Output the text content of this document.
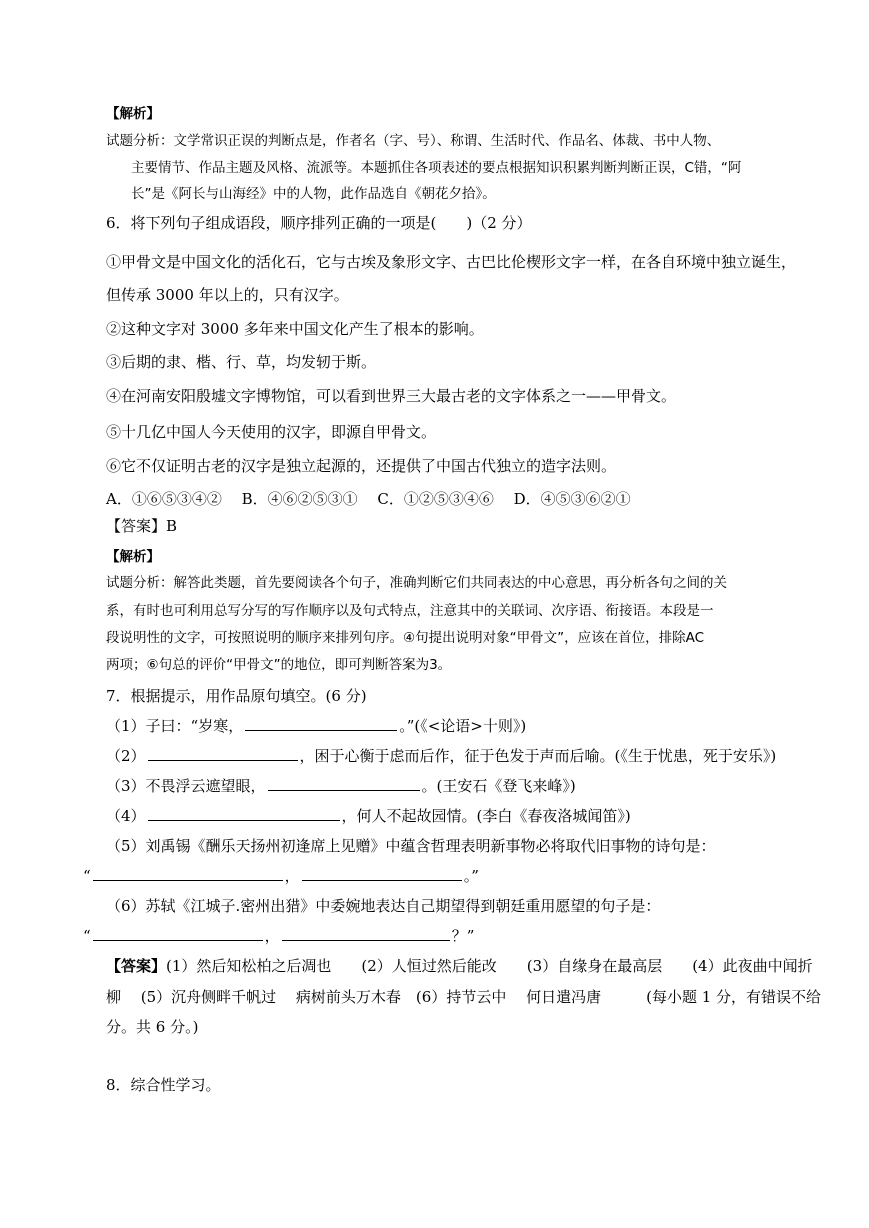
【解析】
试题分析：文学常识正误的判断点是，作者名（字、号）、称谓、生活时代、作品名、体裁、书中人物、
主要情节、作品主题及风格、流派等。本题抓住各项表述的要点根据知识积累判断判断正误，C错，“阿
长”是《阿长与山海经》中的人物，此作品选自《朝花夕拾》。
6．将下列句子组成语段，顺序排列正确的一项是(　　)（2 分）
①甲骨文是中国文化的活化石，它与古埃及象形文字、古巴比伦楔形文字一样，在各自环境中独立诞生，
但传承 3000 年以上的，只有汉字。
②这种文字对 3000 多年来中国文化产生了根本的影响。
③后期的隶、楷、行、草，均发轫于斯。
④在河南安阳殷墟文字博物馆，可以看到世界三大最古老的文字体系之一——甲骨文。
⑤十几亿中国人今天使用的汉字，即源自甲骨文。
⑥它不仅证明古老的汉字是独立起源的，还提供了中国古代独立的造字法则。
A．①⑥⑤③④②　 B．④⑥②⑤③①　 C．①②⑤③④⑥　 D．④⑤③⑥②①
【答案】B
【解析】
试题分析：解答此类题，首先要阅读各个句子，准确判断它们共同表达的中心意思，再分析各句之间的关
系，有时也可利用总写分写的写作顺序以及句式特点，注意其中的关联词、次序语、衔接语。本段是一
段说明性的文字，可按照说明的顺序来排列句序。④句提出说明对象“甲骨文”，应该在首位，排除AC
两项；⑥句总的评价“甲骨文”的地位，即可判断答案为3。
7．根据提示，用作品原句填空。(6 分)
（1）子曰：“岁寒，	。”(《<论语>十则》)
（2）	，困于心衡于虑而后作，征于色发于声而后喻。(《生于忧患，死于安乐》)
（3）不畏浮云遮望眼，	。(王安石《登飞来峰》)
（4）	，何人不起故园情。(李白《春夜洛城闻笛》)
（5）刘禹锡《酬乐天扬州初逢席上见赠》中蕴含哲理表明新事物必将取代旧事物的诗句是：
“	，	。”
（6）苏轼《江城子.密州出猎》中委婉地表达自己期望得到朝廷重用愿望的句子是：
“	，	？”
【答案】(1）然后知松柏之后凋也　　(2）人恒过然后能改　　(3）自缘身在最高层　　(4）此夜曲中闻折
柳　 (5）沉舟侧畔千帆过　 病树前头万木春　(6）持节云中　 何日遣冯唐　　　(每小题 1 分，有错误不给
分。共 6 分。)
8．综合性学习。
